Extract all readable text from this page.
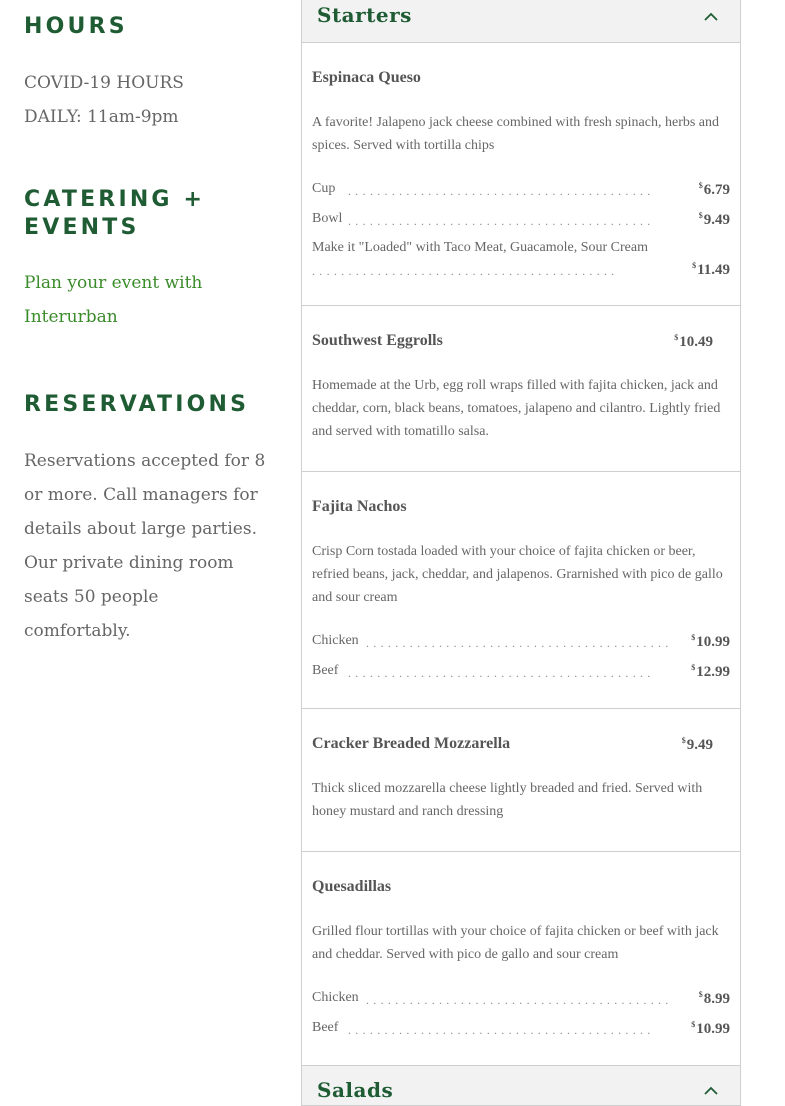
HOURS

COVID-19 HOURS

DAILY: 11am-9pm

CATERING +
EVENTS

Plan your event with
Interurban

RESERVATIONS

Reservations accepted for 8
or more. Call managers for
details about large parties.
Our private dining room
seats 50 people
comfortably.

Starters
Espinaca Queso
A favorite! Jalapeno jack cheese combined with fresh spinach, herbs and spices. Served with tortilla chips
..........................................
Cup	$6.79
..........................................
Bowl	$9.49
Make it "Loaded" with Taco Meat, Guacamole, Sour Cream
..........................................	$11.49
Southwest Eggrolls	$10.49
Homemade at the Urb, egg roll wraps filled with fajita chicken, jack and cheddar, corn, black beans, tomatoes, jalapeno and cilantro. Lightly fried and served with tomatillo salsa.
Fajita Nachos
Crisp Corn tostada loaded with your choice of fajita chicken or beer, refried beans, jack, cheddar, and jalapenos. Grarnished with pico de gallo and sour cream
..........................................
Chicken	$10.99
..........................................
Beef	$12.99
Cracker Breaded Mozzarella	$9.49
Thick sliced mozzarella cheese lightly breaded and fried. Served with honey mustard and ranch dressing
Quesadillas
Grilled flour tortillas with your choice of fajita chicken or beef with jack and cheddar. Served with pico de gallo and sour cream
..........................................
Chicken	$8.99
..........................................
Beef	$10.99
Salads
